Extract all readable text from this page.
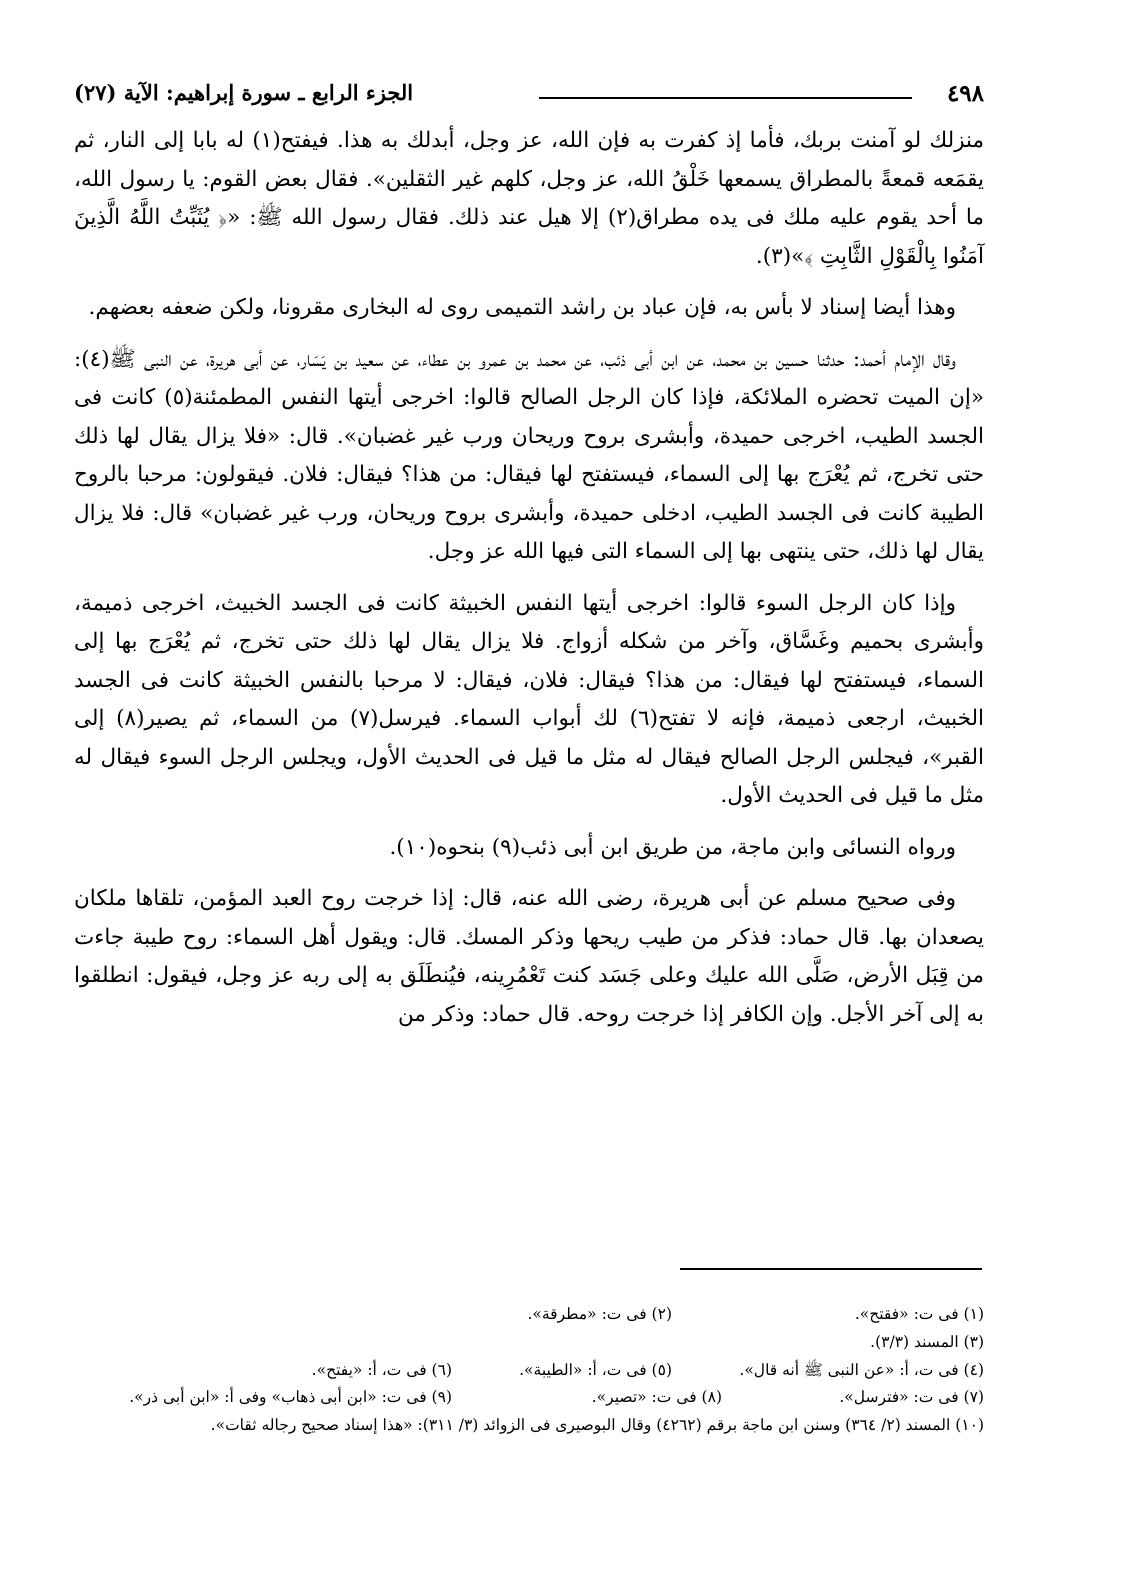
٤٩٨
الجزء الرابع ـ سورة إبراهيم: الآية (٢٧)

منزلك لو آمنت بربك، فأما إذ كفرت به فإن الله، عز وجل، أبدلك به هذا. فيفتح(١) له بابا إلى النار، ثم يقمَعه قمعةً بالمطراق يسمعها خَلْقُ الله، عز وجل، كلهم غير الثقلين». فقال بعض القوم: يا رسول الله، ما أحد يقوم عليه ملك فى يده مطراق(٢) إلا هيل عند ذلك. فقال رسول الله ﷺ: «﴿ يُثَبِّتُ اللَّهُ الَّذِينَ آمَنُوا بِالْقَوْلِ الثَّابِتِ ﴾»(٣).

وهذا أيضا إسناد لا بأس به، فإن عباد بن راشد التميمى روى له البخارى مقرونا، ولكن ضعفه بعضهم.

وقال الإمام أحمد: حدثنا حسين بن محمد، عن ابن أبى ذئب، عن محمد بن عمرو بن عطاء، عن سعيد بن يَسَار، عن أبى هريرة، عن النبى ﷺ(٤): «إن الميت تحضره الملائكة، فإذا كان الرجل الصالح قالوا: اخرجى أيتها النفس المطمئنة(٥) كانت فى الجسد الطيب، اخرجى حميدة، وأبشرى بروح وريحان ورب غير غضبان». قال: «فلا يزال يقال لها ذلك حتى تخرج، ثم يُعْرَج بها إلى السماء، فيستفتح لها فيقال: من هذا؟ فيقال: فلان. فيقولون: مرحبا بالروح الطيبة كانت فى الجسد الطيب، ادخلى حميدة، وأبشرى بروح وريحان، ورب غير غضبان» قال: فلا يزال يقال لها ذلك، حتى ينتهى بها إلى السماء التى فيها الله عز وجل.

وإذا كان الرجل السوء قالوا: اخرجى أيتها النفس الخبيثة كانت فى الجسد الخبيث، اخرجى ذميمة، وأبشرى بحميم وغَسَّاق، وآخر من شكله أزواج. فلا يزال يقال لها ذلك حتى تخرج، ثم يُعْرَج بها إلى السماء، فيستفتح لها فيقال: من هذا؟ فيقال: فلان، فيقال: لا مرحبا بالنفس الخبيثة كانت فى الجسد الخبيث، ارجعى ذميمة، فإنه لا تفتح(٦) لك أبواب السماء. فيرسل(٧) من السماء، ثم يصير(٨) إلى القبر»، فيجلس الرجل الصالح فيقال له مثل ما قيل فى الحديث الأول، ويجلس الرجل السوء فيقال له مثل ما قيل فى الحديث الأول.

ورواه النسائى وابن ماجة، من طريق ابن أبى ذئب(٩) بنحوه(١٠).

وفى صحيح مسلم عن أبى هريرة، رضى الله عنه، قال: إذا خرجت روح العبد المؤمن، تلقاها ملكان يصعدان بها. قال حماد: فذكر من طيب ريحها وذكر المسك. قال: ويقول أهل السماء: روح طيبة جاءت من قِبَل الأرض، صَلَّى الله عليك وعلى جَسَد كنت تَعْمُرِينه، فيُنطَلَق به إلى ربه عز وجل، فيقول: انطلقوا به إلى آخر الأجل. وإن الكافر إذا خرجت روحه. قال حماد: وذكر من

(١) فى ت: «فقتح».
(٢) فى ت: «مطرقة».
(٣) المسند (٣/٣).
(٤) فى ت، أ: «عن النبى ﷺ أنه قال».
(٥) فى ت، أ: «الطيبة».
(٦) فى ت، أ: «يفتح».
(٧) فى ت: «فترسل».
(٨) فى ت: «تصير».
(٩) فى ت: «ابن أبى ذهاب» وفى أ: «ابن أبى ذر».
(١٠) المسند (٢/ ٣٦٤) وسنن ابن ماجة برقم (٤٢٦٢) وقال البوصيرى فى الزوائد (٣/ ٣١١): «هذا إسناد صحيح رجاله ثقات».
